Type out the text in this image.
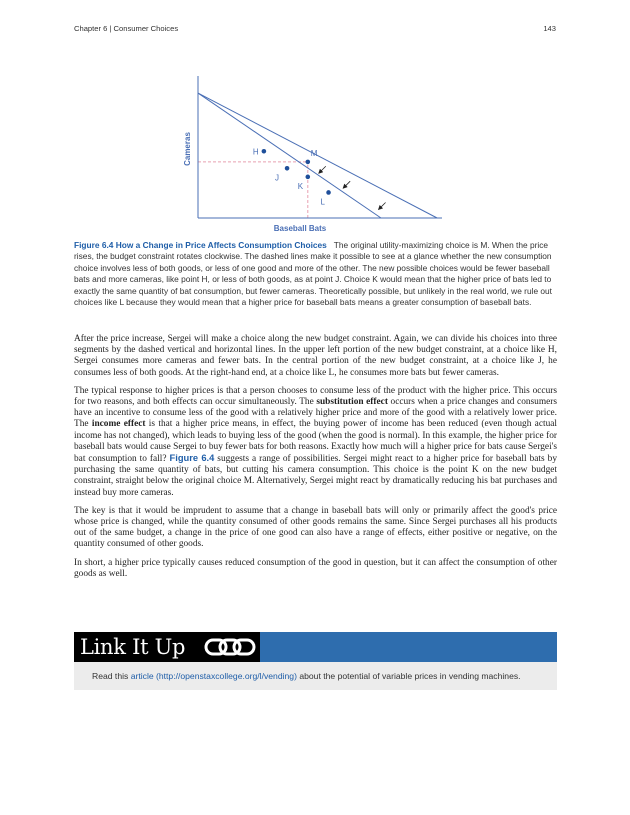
Chapter 6 | Consumer Choices	143
H	M
J
K
L
Baseball Bats
Cameras

Figure 6.4 How a Change in Price Affects Consumption Choices The original utility-maximizing choice is M. When the price rises, the budget constraint rotates clockwise. The dashed lines make it possible to see at a glance whether the new consumption choice involves less of both goods, or less of one good and more of the other. The new possible choices would be fewer baseball bats and more cameras, like point H, or less of both goods, as at point J. Choice K would mean that the higher price of bats led to exactly the same quantity of bat consumption, but fewer cameras. Theoretically possible, but unlikely in the real world, we rule out choices like L because they would mean that a higher price for baseball bats means a greater consumption of baseball bats.

After the price increase, Sergei will make a choice along the new budget constraint. Again, we can divide his choices into three segments by the dashed vertical and horizontal lines. In the upper left portion of the new budget constraint, at a choice like H, Sergei consumes more cameras and fewer bats. In the central portion of the new budget constraint, at a choice like J, he consumes less of both goods. At the right-hand end, at a choice like L, he consumes more bats but fewer cameras.

The typical response to higher prices is that a person chooses to consume less of the product with the higher price. This occurs for two reasons, and both effects can occur simultaneously. The substitution effect occurs when a price changes and consumers have an incentive to consume less of the good with a relatively higher price and more of the good with a relatively lower price. The income effect is that a higher price means, in effect, the buying power of income has been reduced (even though actual income has not changed), which leads to buying less of the good (when the good is normal). In this example, the higher price for baseball bats would cause Sergei to buy fewer bats for both reasons. Exactly how much will a higher price for bats cause Sergei's bat consumption to fall? Figure 6.4 suggests a range of possibilities. Sergei might react to a higher price for baseball bats by purchasing the same quantity of bats, but cutting his camera consumption. This choice is the point K on the new budget constraint, straight below the original choice M. Alternatively, Sergei might react by dramatically reducing his bat purchases and instead buy more cameras.

The key is that it would be imprudent to assume that a change in baseball bats will only or primarily affect the good's price whose price is changed, while the quantity consumed of other goods remains the same. Since Sergei purchases all his products out of the same budget, a change in the price of one good can also have a range of effects, either positive or negative, on the quantity consumed of other goods.

In short, a higher price typically causes reduced consumption of the good in question, but it can affect the consumption of other goods as well.

Link It Up
Read this article (http://openstaxcollege.org/l/vending) about the potential of variable prices in vending machines.
